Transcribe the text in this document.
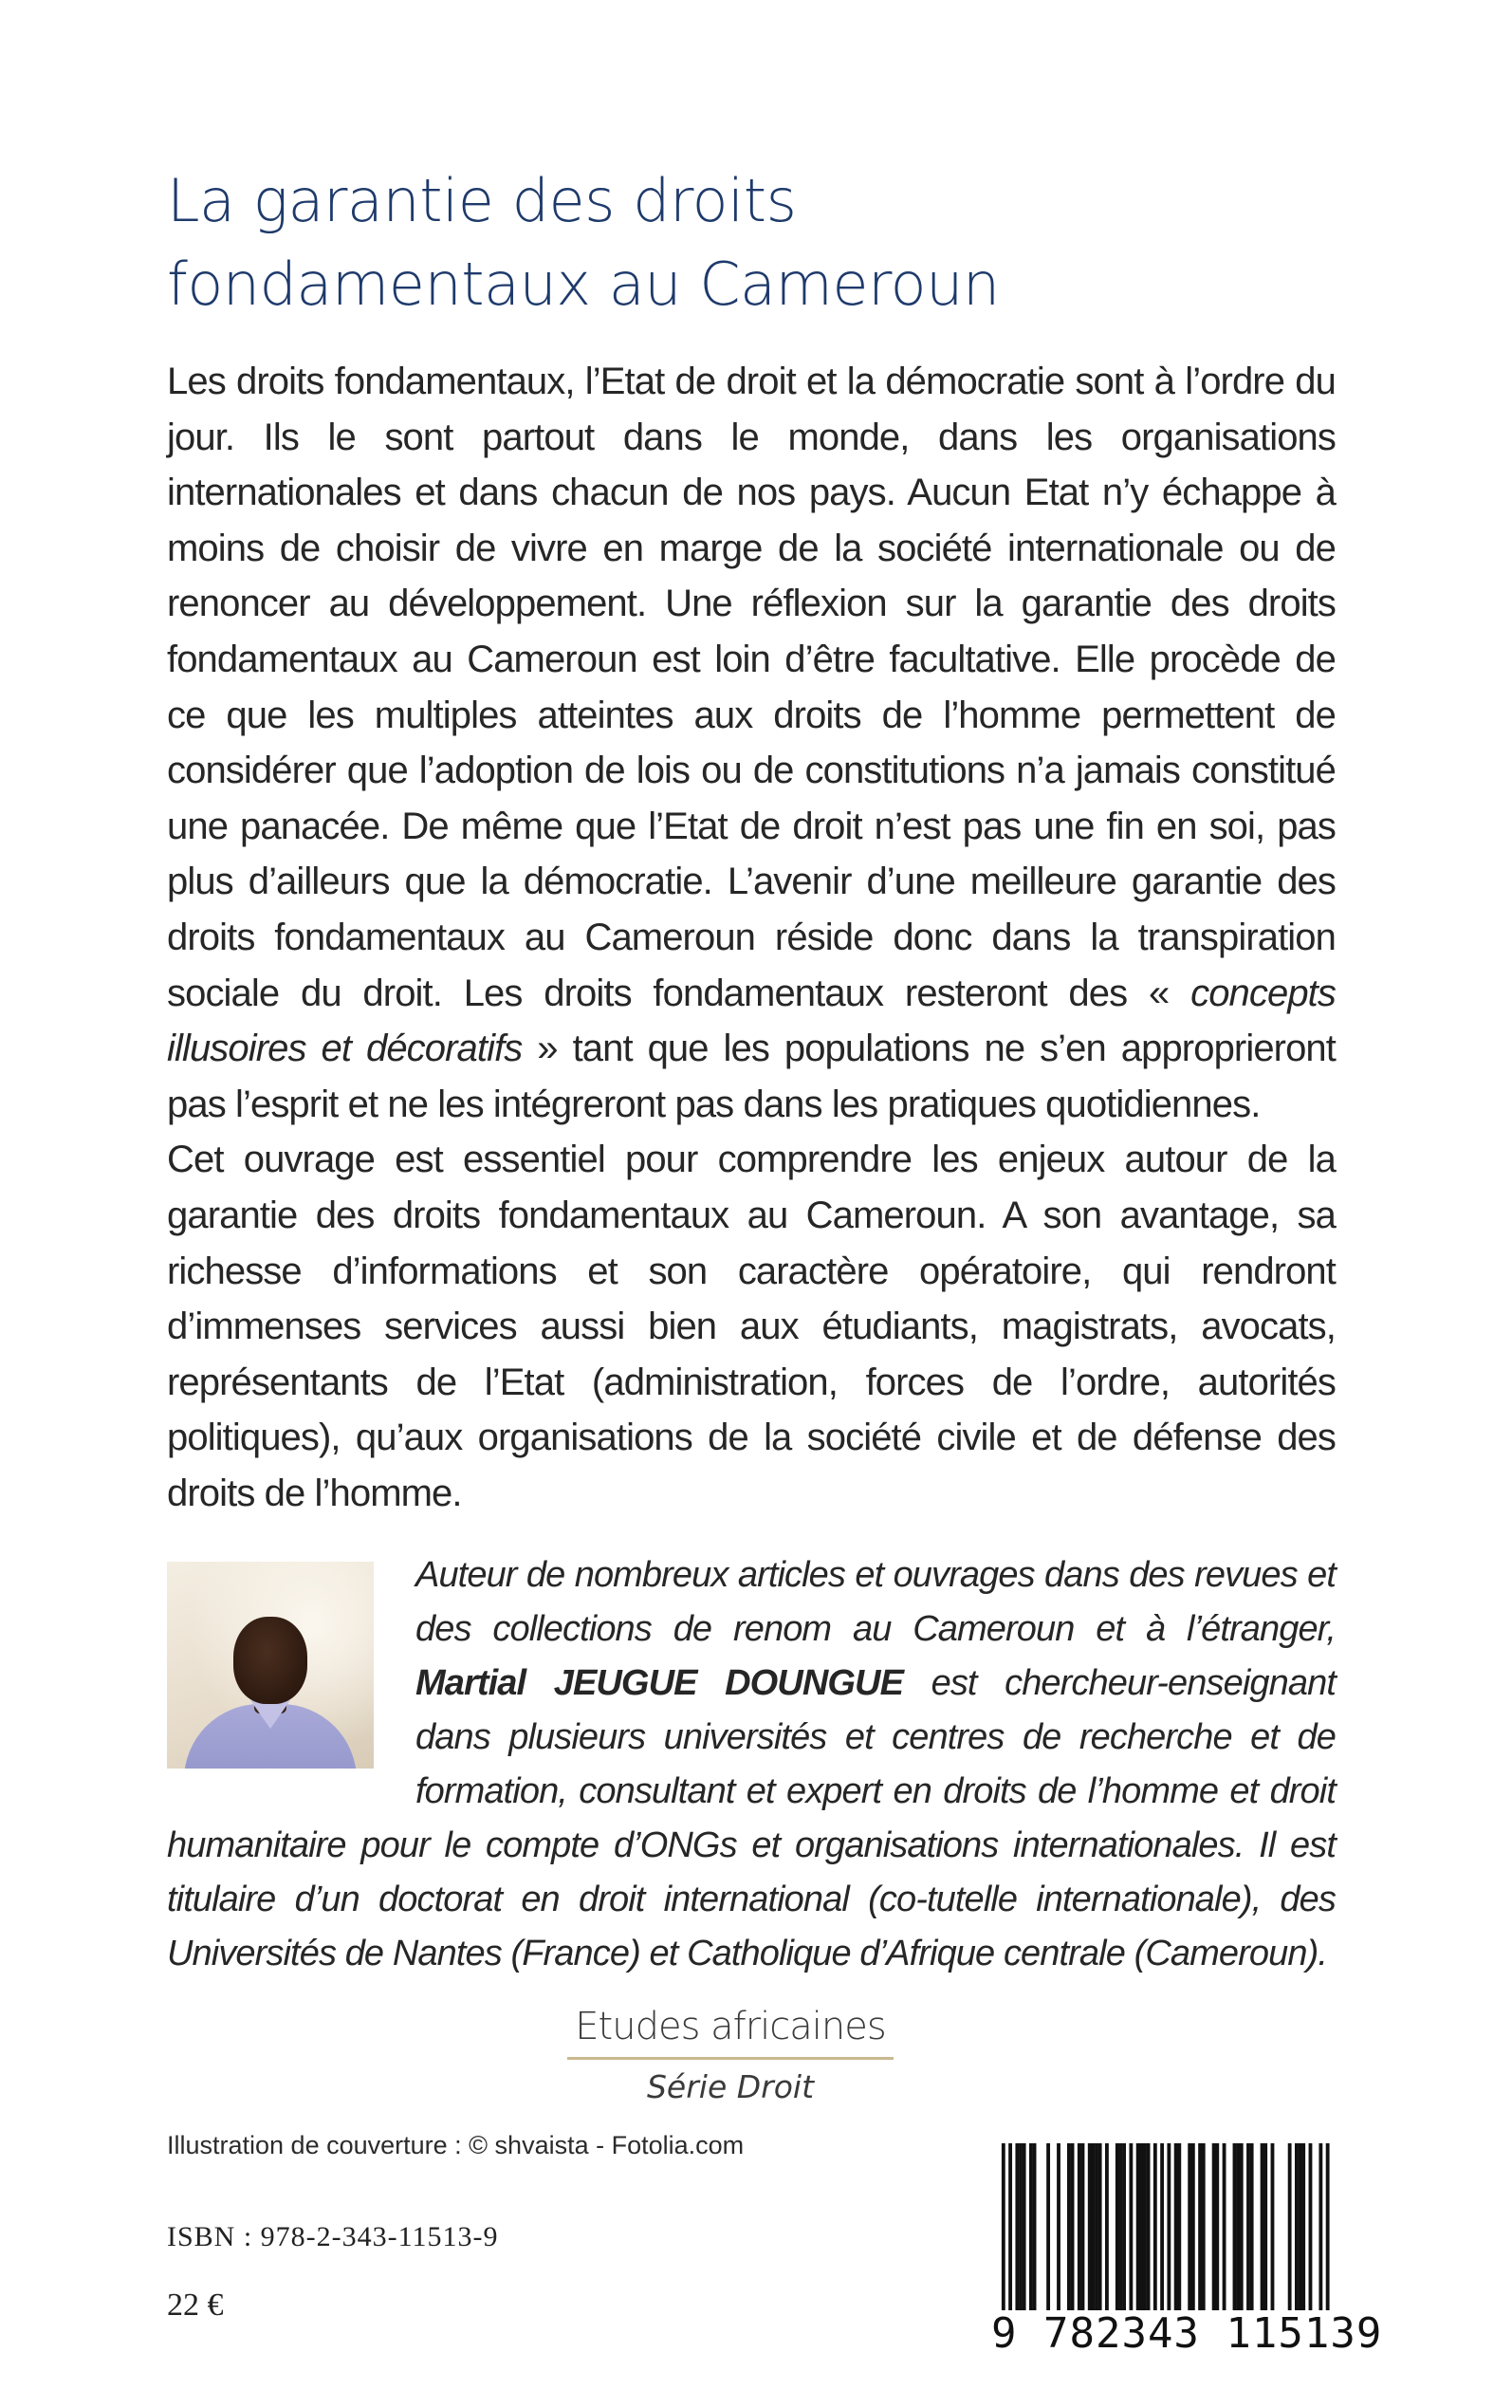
La garantie des droits
fondamentaux au Cameroun

Les droits fondamentaux, l’Etat de droit et la démocratie sont à l’ordre du jour. Ils le sont partout dans le monde, dans les organisations internationales et dans chacun de nos pays. Aucun Etat n’y échappe à moins de choisir de vivre en marge de la société internationale ou de renoncer au développement. Une réflexion sur la garantie des droits fondamentaux au Cameroun est loin d’être facultative. Elle procède de ce que les multiples atteintes aux droits de l’homme permettent de considérer que l’adoption de lois ou de constitutions n’a jamais constitué une panacée. De même que l’Etat de droit n’est pas une fin en soi, pas plus d’ailleurs que la démocratie. L’avenir d’une meilleure garantie des droits fondamentaux au Cameroun réside donc dans la transpiration sociale du droit. Les droits fondamentaux resteront des « concepts illusoires et décoratifs » tant que les populations ne s’en approprieront pas l’esprit et ne les intégreront pas dans les pratiques quotidiennes.

Cet ouvrage est essentiel pour comprendre les enjeux autour de la garantie des droits fondamentaux au Cameroun. A son avantage, sa richesse d’informations et son caractère opératoire, qui rendront d’immenses services aussi bien aux étudiants, magistrats, avocats, représentants de l’Etat (administration, forces de l’ordre, autorités politiques), qu’aux organisations de la société civile et de défense des droits de l’homme.

Auteur de nombreux articles et ouvrages dans des revues et des collections de renom au Cameroun et à l’étranger, Martial JEUGUE DOUNGUE est chercheur-enseignant dans plusieurs universités et centres de recherche et de formation, consultant et expert en droits de l’homme et droit humanitaire pour le compte d’ONGs et organisations internationales. Il est titulaire d’un doctorat en droit international (co-tutelle internationale), des Universités de Nantes (France) et Catholique d’Afrique centrale (Cameroun).

Etudes africaines
Série Droit
Illustration de couverture : © shvaista - Fotolia.com
ISBN : 978-2-343-11513-9
22 €
9 782343 115139
